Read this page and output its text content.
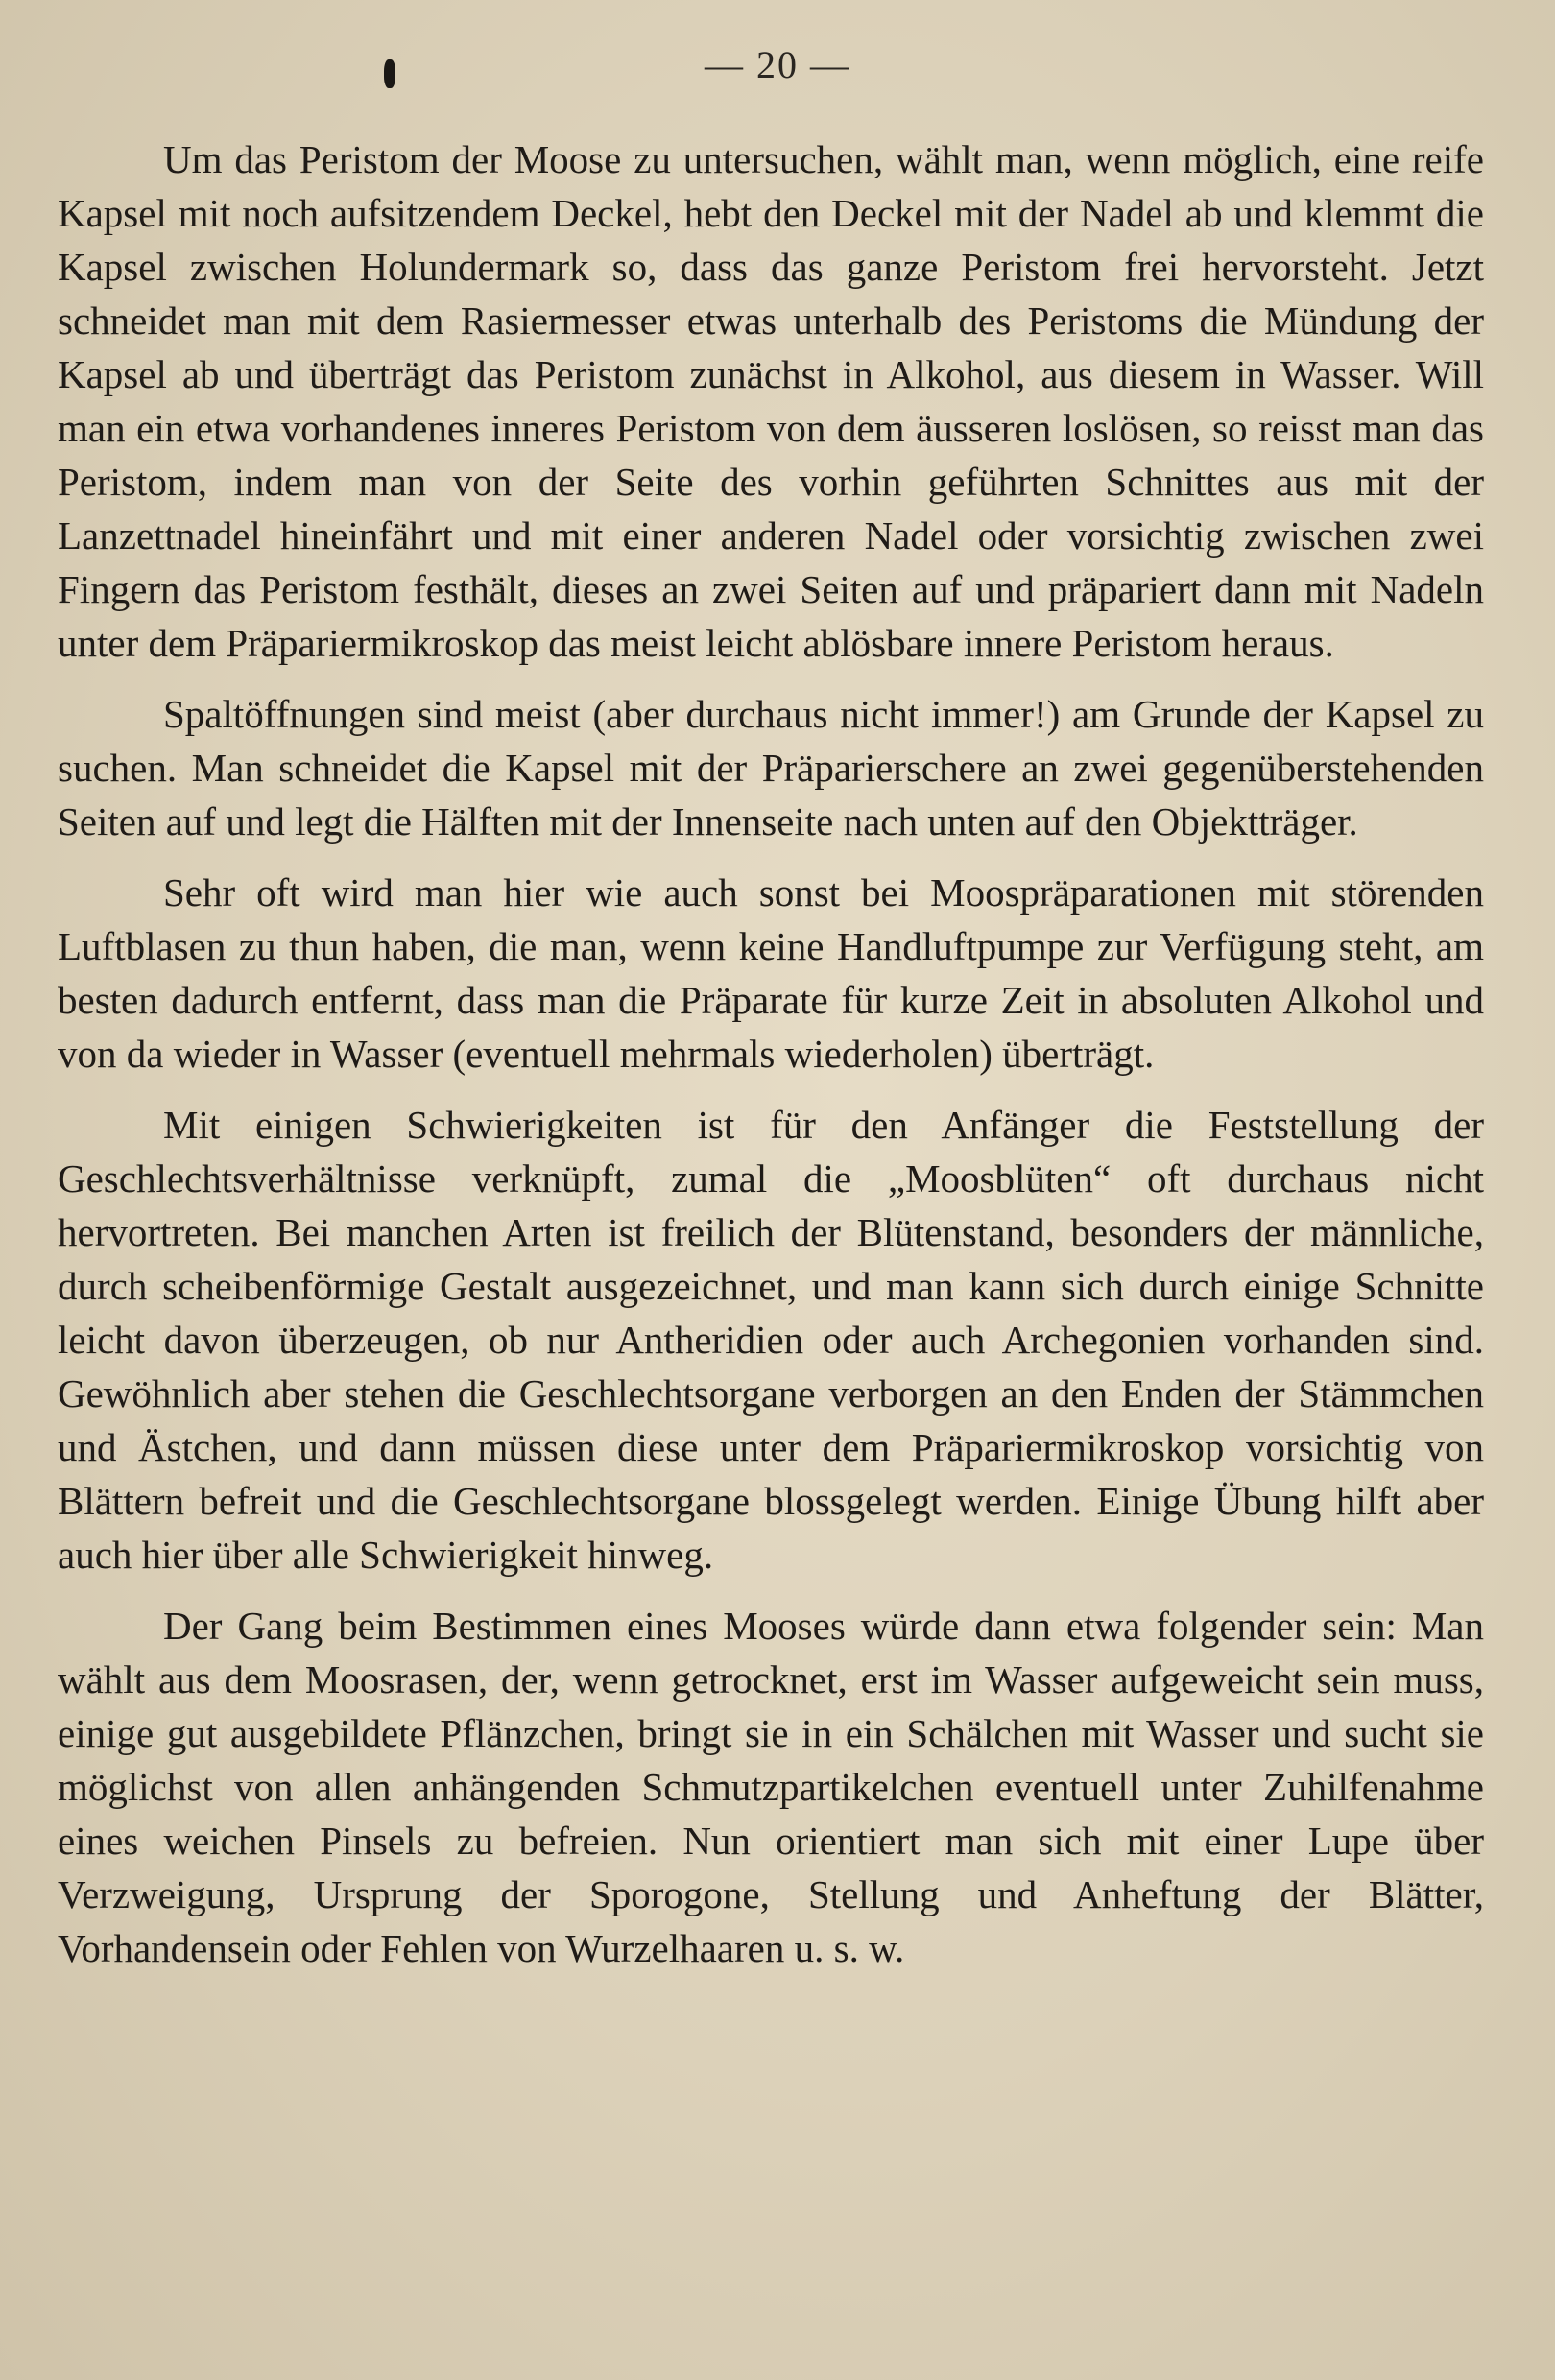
— 20 —

Um das Peristom der Moose zu untersuchen, wählt man, wenn möglich, eine reife Kapsel mit noch aufsitzendem Deckel, hebt den Deckel mit der Nadel ab und klemmt die Kapsel zwischen Holundermark so, dass das ganze Peristom frei hervorsteht. Jetzt schneidet man mit dem Rasiermesser etwas unterhalb des Peristoms die Mündung der Kapsel ab und überträgt das Peristom zunächst in Alkohol, aus diesem in Wasser. Will man ein etwa vorhandenes inneres Peristom von dem äusseren loslösen, so reisst man das Peristom, indem man von der Seite des vorhin geführten Schnittes aus mit der Lanzettnadel hineinfährt und mit einer anderen Nadel oder vorsichtig zwischen zwei Fingern das Peristom festhält, dieses an zwei Seiten auf und präpariert dann mit Nadeln unter dem Präpariermikroskop das meist leicht ablösbare innere Peristom heraus.

Spaltöffnungen sind meist (aber durchaus nicht immer!) am Grunde der Kapsel zu suchen. Man schneidet die Kapsel mit der Präparierschere an zwei gegenüberstehenden Seiten auf und legt die Hälften mit der Innenseite nach unten auf den Objektträger.

Sehr oft wird man hier wie auch sonst bei Moospräparationen mit störenden Luftblasen zu thun haben, die man, wenn keine Handluftpumpe zur Verfügung steht, am besten dadurch entfernt, dass man die Präparate für kurze Zeit in absoluten Alkohol und von da wieder in Wasser (eventuell mehrmals wiederholen) überträgt.

Mit einigen Schwierigkeiten ist für den Anfänger die Feststellung der Geschlechtsverhältnisse verknüpft, zumal die „Moosblüten“ oft durchaus nicht hervortreten. Bei manchen Arten ist freilich der Blütenstand, besonders der männliche, durch scheibenförmige Gestalt ausgezeichnet, und man kann sich durch einige Schnitte leicht davon überzeugen, ob nur Antheridien oder auch Archegonien vorhanden sind. Gewöhnlich aber stehen die Geschlechtsorgane verborgen an den Enden der Stämmchen und Ästchen, und dann müssen diese unter dem Präpariermikroskop vorsichtig von Blättern befreit und die Geschlechtsorgane blossgelegt werden. Einige Übung hilft aber auch hier über alle Schwierigkeit hinweg.

Der Gang beim Bestimmen eines Mooses würde dann etwa folgender sein: Man wählt aus dem Moosrasen, der, wenn getrocknet, erst im Wasser aufgeweicht sein muss, einige gut ausgebildete Pflänzchen, bringt sie in ein Schälchen mit Wasser und sucht sie möglichst von allen anhängenden Schmutzpartikelchen eventuell unter Zuhilfenahme eines weichen Pinsels zu befreien. Nun orientiert man sich mit einer Lupe über Verzweigung, Ursprung der Sporogone, Stellung und Anheftung der Blätter, Vorhandensein oder Fehlen von Wurzelhaaren u. s. w.
